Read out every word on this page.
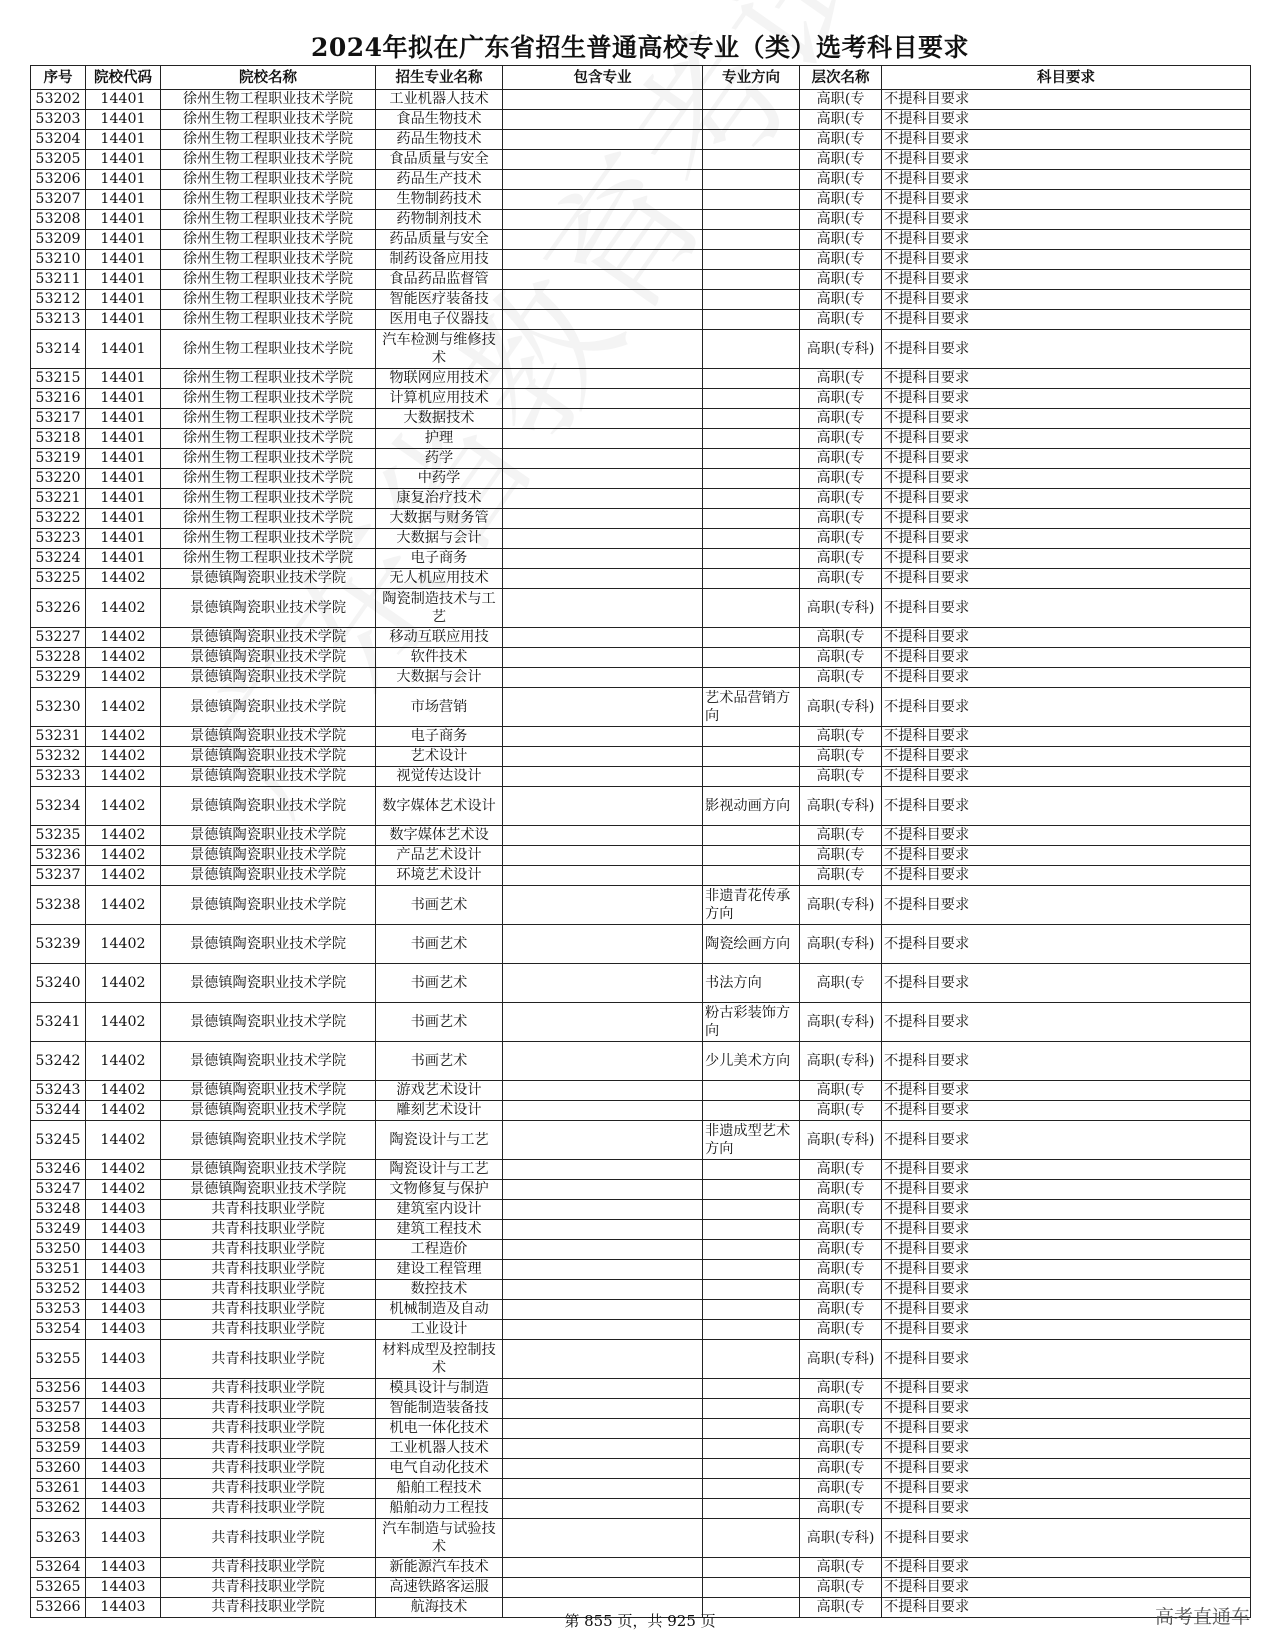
2024年拟在广东省招生普通高校专业（类）选考科目要求
序号	院校代码	院校名称	招生专业名称	包含专业	专业方向	层次名称	科目要求
53202	14401	徐州生物工程职业技术学院	工业机器人技术			高职(专	不提科目要求
53203	14401	徐州生物工程职业技术学院	食品生物技术			高职(专	不提科目要求
53204	14401	徐州生物工程职业技术学院	药品生物技术			高职(专	不提科目要求
53205	14401	徐州生物工程职业技术学院	食品质量与安全			高职(专	不提科目要求
53206	14401	徐州生物工程职业技术学院	药品生产技术			高职(专	不提科目要求
53207	14401	徐州生物工程职业技术学院	生物制药技术			高职(专	不提科目要求
53208	14401	徐州生物工程职业技术学院	药物制剂技术			高职(专	不提科目要求
53209	14401	徐州生物工程职业技术学院	药品质量与安全			高职(专	不提科目要求
53210	14401	徐州生物工程职业技术学院	制药设备应用技			高职(专	不提科目要求
53211	14401	徐州生物工程职业技术学院	食品药品监督管			高职(专	不提科目要求
53212	14401	徐州生物工程职业技术学院	智能医疗装备技			高职(专	不提科目要求
53213	14401	徐州生物工程职业技术学院	医用电子仪器技			高职(专	不提科目要求
53214	14401	徐州生物工程职业技术学院	汽车检测与维修技术			高职(专科)	不提科目要求
53215	14401	徐州生物工程职业技术学院	物联网应用技术			高职(专	不提科目要求
53216	14401	徐州生物工程职业技术学院	计算机应用技术			高职(专	不提科目要求
53217	14401	徐州生物工程职业技术学院	大数据技术			高职(专	不提科目要求
53218	14401	徐州生物工程职业技术学院	护理			高职(专	不提科目要求
53219	14401	徐州生物工程职业技术学院	药学			高职(专	不提科目要求
53220	14401	徐州生物工程职业技术学院	中药学			高职(专	不提科目要求
53221	14401	徐州生物工程职业技术学院	康复治疗技术			高职(专	不提科目要求
53222	14401	徐州生物工程职业技术学院	大数据与财务管			高职(专	不提科目要求
53223	14401	徐州生物工程职业技术学院	大数据与会计			高职(专	不提科目要求
53224	14401	徐州生物工程职业技术学院	电子商务			高职(专	不提科目要求
53225	14402	景德镇陶瓷职业技术学院	无人机应用技术			高职(专	不提科目要求
53226	14402	景德镇陶瓷职业技术学院	陶瓷制造技术与工艺			高职(专科)	不提科目要求
53227	14402	景德镇陶瓷职业技术学院	移动互联应用技			高职(专	不提科目要求
53228	14402	景德镇陶瓷职业技术学院	软件技术			高职(专	不提科目要求
53229	14402	景德镇陶瓷职业技术学院	大数据与会计			高职(专	不提科目要求
53230	14402	景德镇陶瓷职业技术学院	市场营销		艺术品营销方向	高职(专科)	不提科目要求
53231	14402	景德镇陶瓷职业技术学院	电子商务			高职(专	不提科目要求
53232	14402	景德镇陶瓷职业技术学院	艺术设计			高职(专	不提科目要求
53233	14402	景德镇陶瓷职业技术学院	视觉传达设计			高职(专	不提科目要求
53234	14402	景德镇陶瓷职业技术学院	数字媒体艺术设计		影视动画方向	高职(专科)	不提科目要求
53235	14402	景德镇陶瓷职业技术学院	数字媒体艺术设			高职(专	不提科目要求
53236	14402	景德镇陶瓷职业技术学院	产品艺术设计			高职(专	不提科目要求
53237	14402	景德镇陶瓷职业技术学院	环境艺术设计			高职(专	不提科目要求
53238	14402	景德镇陶瓷职业技术学院	书画艺术		非遗青花传承方向	高职(专科)	不提科目要求
53239	14402	景德镇陶瓷职业技术学院	书画艺术		陶瓷绘画方向	高职(专科)	不提科目要求
53240	14402	景德镇陶瓷职业技术学院	书画艺术		书法方向	高职(专	不提科目要求
53241	14402	景德镇陶瓷职业技术学院	书画艺术		粉古彩装饰方向	高职(专科)	不提科目要求
53242	14402	景德镇陶瓷职业技术学院	书画艺术		少儿美术方向	高职(专科)	不提科目要求
53243	14402	景德镇陶瓷职业技术学院	游戏艺术设计			高职(专	不提科目要求
53244	14402	景德镇陶瓷职业技术学院	雕刻艺术设计			高职(专	不提科目要求
53245	14402	景德镇陶瓷职业技术学院	陶瓷设计与工艺		非遗成型艺术方向	高职(专科)	不提科目要求
53246	14402	景德镇陶瓷职业技术学院	陶瓷设计与工艺			高职(专	不提科目要求
53247	14402	景德镇陶瓷职业技术学院	文物修复与保护			高职(专	不提科目要求
53248	14403	共青科技职业学院	建筑室内设计			高职(专	不提科目要求
53249	14403	共青科技职业学院	建筑工程技术			高职(专	不提科目要求
53250	14403	共青科技职业学院	工程造价			高职(专	不提科目要求
53251	14403	共青科技职业学院	建设工程管理			高职(专	不提科目要求
53252	14403	共青科技职业学院	数控技术			高职(专	不提科目要求
53253	14403	共青科技职业学院	机械制造及自动			高职(专	不提科目要求
53254	14403	共青科技职业学院	工业设计			高职(专	不提科目要求
53255	14403	共青科技职业学院	材料成型及控制技术			高职(专科)	不提科目要求
53256	14403	共青科技职业学院	模具设计与制造			高职(专	不提科目要求
53257	14403	共青科技职业学院	智能制造装备技			高职(专	不提科目要求
53258	14403	共青科技职业学院	机电一体化技术			高职(专	不提科目要求
53259	14403	共青科技职业学院	工业机器人技术			高职(专	不提科目要求
53260	14403	共青科技职业学院	电气自动化技术			高职(专	不提科目要求
53261	14403	共青科技职业学院	船舶工程技术			高职(专	不提科目要求
53262	14403	共青科技职业学院	船舶动力工程技			高职(专	不提科目要求
53263	14403	共青科技职业学院	汽车制造与试验技术			高职(专科)	不提科目要求
53264	14403	共青科技职业学院	新能源汽车技术			高职(专	不提科目要求
53265	14403	共青科技职业学院	高速铁路客运服			高职(专	不提科目要求
53266	14403	共青科技职业学院	航海技术			高职(专	不提科目要求
第 855 页，共 925 页	高考直通车
